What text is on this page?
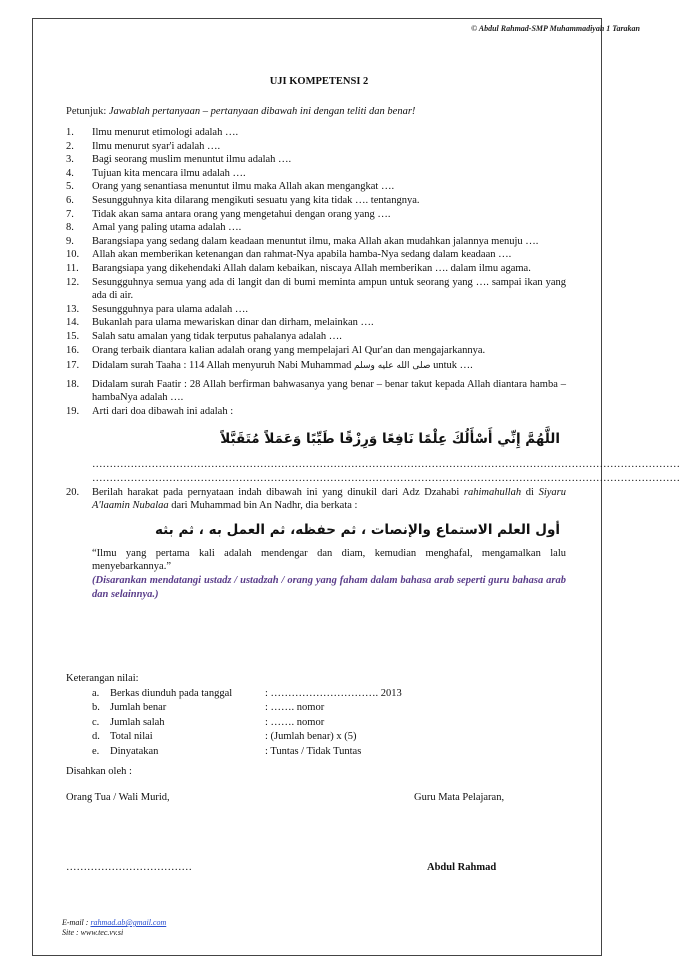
© Abdul Rahmad-SMP Muhammadiyah 1 Tarakan
UJI KOMPETENSI 2
Petunjuk: Jawablah pertanyaan – pertanyaan dibawah ini dengan teliti dan benar!
1.	Ilmu menurut etimologi adalah ….
2.	Ilmu menurut syar'i adalah ….
3.	Bagi seorang muslim menuntut ilmu adalah ….
4.	Tujuan kita mencara ilmu adalah ….
5.	Orang yang senantiasa menuntut ilmu maka Allah akan mengangkat ….
6.	Sesungguhnya kita dilarang mengikuti sesuatu yang kita tidak …. tentangnya.
7.	Tidak akan sama antara orang yang mengetahui dengan orang yang ….
8.	Amal yang paling utama adalah ….
9.	Barangsiapa yang sedang dalam keadaan menuntut ilmu, maka Allah akan mudahkan jalannya menuju ….
10.	Allah akan memberikan ketenangan dan rahmat-Nya apabila hamba-Nya sedang dalam keadaan ….
11.	Barangsiapa yang dikehendaki Allah dalam kebaikan, niscaya Allah memberikan …. dalam ilmu agama.
12.	Sesungguhnya semua yang ada di langit dan di bumi meminta ampun untuk seorang yang …. sampai ikan yang ada di air.
13.	Sesungguhnya para ulama adalah ….
14.	Bukanlah para ulama mewariskan dinar dan dirham, melainkan ….
15.	Salah satu amalan yang tidak terputus pahalanya adalah ….
16.	Orang terbaik diantara kalian adalah orang yang mempelajari Al Qur'an dan mengajarkannya.
17.	Didalam surah Taaha : 114 Allah menyuruh Nabi Muhammad صلى الله عليه وسلم untuk ….
18.	Didalam surah Faatir : 28 Allah berfirman bahwasanya yang benar – benar takut kepada Allah diantara hamba – hambaNya adalah ….
19.	Arti dari doa dibawah ini adalah :
اللَّهُمَّ إِنِّي أَسْأَلُكَ عِلْمًا نَافِعًا وَرِزْقًا طَيِّبًا وَعَمَلاً مُتَقَبَّلاً
……………………………………………………………………………………………………………………………………………………
……………………………………………………………………………………………………………………………………………………
20.	Berilah harakat pada pernyataan indah dibawah ini yang dinukil dari Adz Dzahabi rahimahullah di Siyaru A'laamin Nubalaa dari Muhammad bin An Nadhr, dia berkata :
أول العلم الاستماع والإنصات ، ثم حفظه، ثم العمل به ، ثم بثه
“Ilmu yang pertama kali adalah mendengar dan diam, kemudian menghafal, mengamalkan lalu menyebarkannya.”
(Disarankan mendatangi ustadz / ustadzah / orang yang faham dalam bahasa arab seperti guru bahasa arab dan selainnya.)
Keterangan nilai:
a.	Berkas diunduh pada tanggal	: …………………………. 2013
b. Jumlah benar	: ……. nomor
c.	Jumlah salah	: ……. nomor
d. Total nilai	: (Jumlah benar) x (5)
e.	Dinyatakan	: Tuntas / Tidak Tuntas
Disahkan oleh :
Orang Tua / Wali Murid,	Guru Mata Pelajaran,
………………………………	Abdul Rahmad
E-mail : rahmad.ab@gmail.com
Site : www.tec.vv.si
